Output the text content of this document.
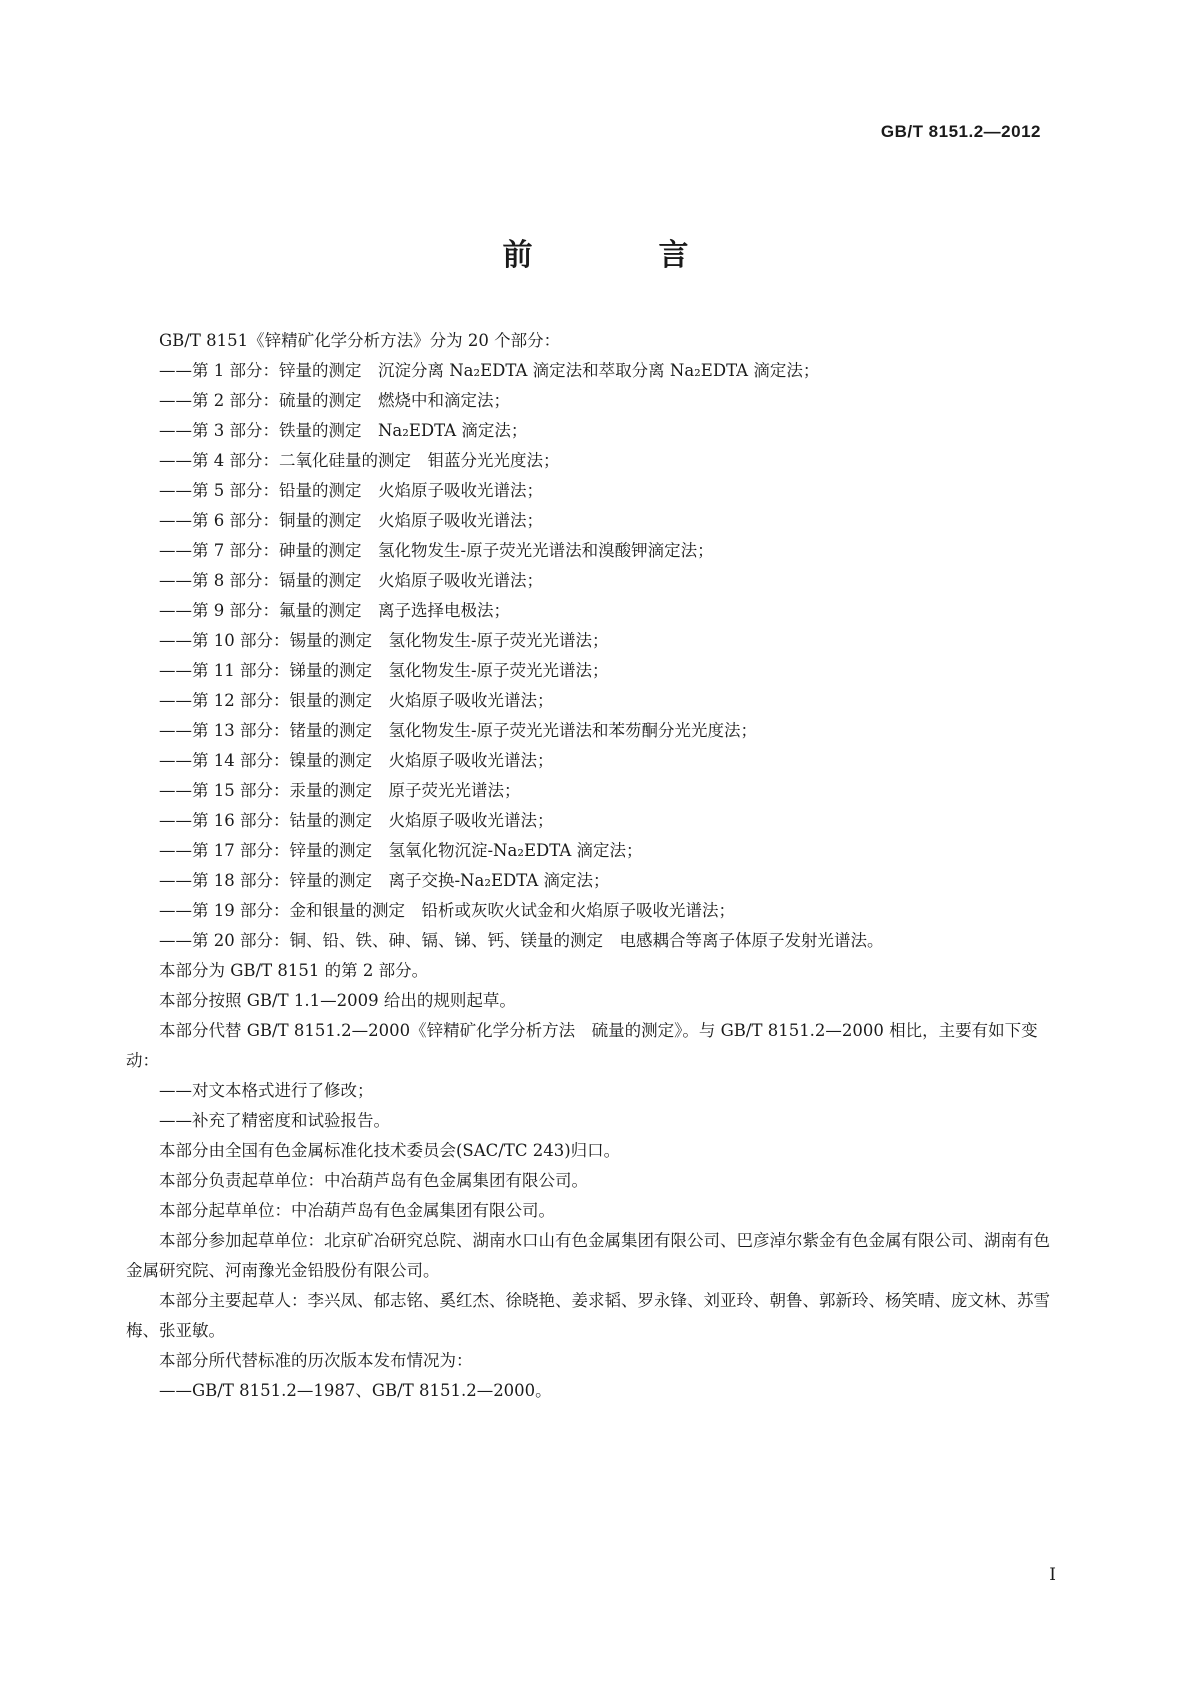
GB/T 8151.2—2012
前　言

GB/T 8151《锌精矿化学分析方法》分为 20 个部分：

——第 1 部分：锌量的测定　沉淀分离 Na₂EDTA 滴定法和萃取分离 Na₂EDTA 滴定法；

——第 2 部分：硫量的测定　燃烧中和滴定法；

——第 3 部分：铁量的测定　Na₂EDTA 滴定法；

——第 4 部分：二氧化硅量的测定　钼蓝分光光度法；

——第 5 部分：铅量的测定　火焰原子吸收光谱法；

——第 6 部分：铜量的测定　火焰原子吸收光谱法；

——第 7 部分：砷量的测定　氢化物发生-原子荧光光谱法和溴酸钾滴定法；

——第 8 部分：镉量的测定　火焰原子吸收光谱法；

——第 9 部分：氟量的测定　离子选择电极法；

——第 10 部分：锡量的测定　氢化物发生-原子荧光光谱法；

——第 11 部分：锑量的测定　氢化物发生-原子荧光光谱法；

——第 12 部分：银量的测定　火焰原子吸收光谱法；

——第 13 部分：锗量的测定　氢化物发生-原子荧光光谱法和苯芴酮分光光度法；

——第 14 部分：镍量的测定　火焰原子吸收光谱法；

——第 15 部分：汞量的测定　原子荧光光谱法；

——第 16 部分：钴量的测定　火焰原子吸收光谱法；

——第 17 部分：锌量的测定　氢氧化物沉淀-Na₂EDTA 滴定法；

——第 18 部分：锌量的测定　离子交换-Na₂EDTA 滴定法；

——第 19 部分：金和银量的测定　铅析或灰吹火试金和火焰原子吸收光谱法；

——第 20 部分：铜、铅、铁、砷、镉、锑、钙、镁量的测定　电感耦合等离子体原子发射光谱法。

本部分为 GB/T 8151 的第 2 部分。

本部分按照 GB/T 1.1—2009 给出的规则起草。

本部分代替 GB/T 8151.2—2000《锌精矿化学分析方法　硫量的测定》。与 GB/T 8151.2—2000 相比，主要有如下变动：

——对文本格式进行了修改；

——补充了精密度和试验报告。

本部分由全国有色金属标准化技术委员会(SAC/TC 243)归口。

本部分负责起草单位：中冶葫芦岛有色金属集团有限公司。

本部分起草单位：中冶葫芦岛有色金属集团有限公司。

本部分参加起草单位：北京矿冶研究总院、湖南水口山有色金属集团有限公司、巴彦淖尔紫金有色金属有限公司、湖南有色金属研究院、河南豫光金铅股份有限公司。

本部分主要起草人：李兴凤、郁志铭、奚红杰、徐晓艳、姜求韬、罗永锋、刘亚玲、朝鲁、郭新玲、杨笑晴、庞文林、苏雪梅、张亚敏。

本部分所代替标准的历次版本发布情况为：

——GB/T 8151.2—1987、GB/T 8151.2—2000。

I
